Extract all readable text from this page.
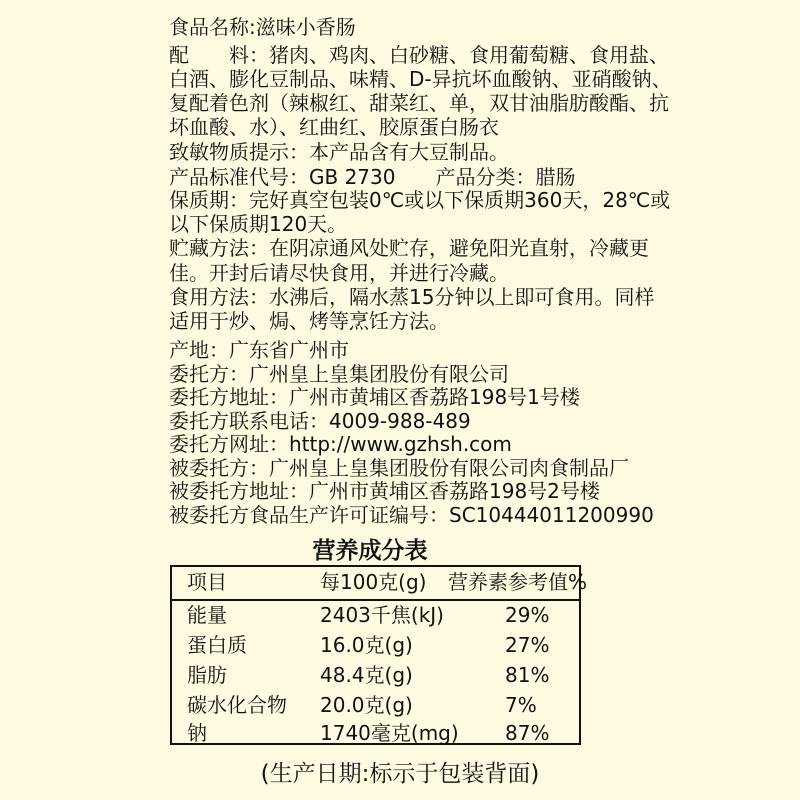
食品名称:滋味小香肠
配　　料：猪肉、鸡肉、白砂糖、食用葡萄糖、食用盐、
白酒、膨化豆制品、味精、D-异抗坏血酸钠、亚硝酸钠、
复配着色剂（辣椒红、甜菜红、单，双甘油脂肪酸酯、抗
坏血酸、水）、红曲红、胶原蛋白肠衣
致敏物质提示：本产品含有大豆制品。
产品标准代号：GB 2730　　产品分类：腊肠
保质期：完好真空包装0℃或以下保质期360天，28℃或
以下保质期120天。
贮藏方法：在阴凉通风处贮存，避免阳光直射，冷藏更
佳。开封后请尽快食用，并进行冷藏。
食用方法：水沸后，隔水蒸15分钟以上即可食用。同样
适用于炒、焗、烤等烹饪方法。
产地：广东省广州市
委托方：广州皇上皇集团股份有限公司
委托方地址：广州市黄埔区香荔路198号1号楼
委托方联系电话：4009-988-489
委托方网址：http://www.gzhsh.com
被委托方：广州皇上皇集团股份有限公司肉食制品厂
被委托方地址：广州市黄埔区香荔路198号2号楼
被委托方食品生产许可证编号：SC10444011200990
营养成分表
项目	每100克(g) 营养素参考值%
能量	2403千焦(kJ)	29%
蛋白质	16.0克(g)	27%
脂肪	48.4克(g)	81%
碳水化合物 20.0克(g)	7%
钠	1740毫克(mg) 87%
(生产日期:标示于包装背面)
